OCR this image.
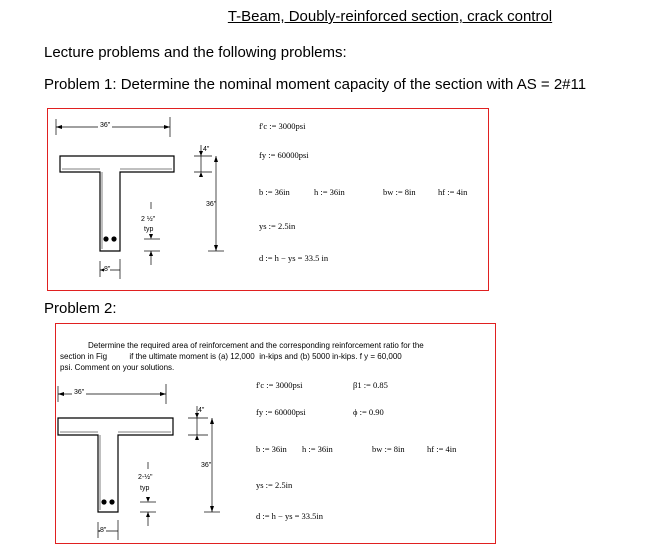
T-Beam, Doubly-reinforced section, crack control
Lecture problems and the following problems:
Problem 1: Determine the nominal moment capacity of the section with AS = 2#11
36"
4"
36"
2 ½"
typ
8"
f'c := 3000psi
fy := 60000psi
b := 36in	h := 36in	bw := 8in	hf := 4in
ys := 2.5in
d := h − ys = 33.5 in
Problem 2:
Determine the required area of reinforcement and the corresponding reinforcement ratio for the
section in Fig          if the ultimate moment is (a) 12,000  in-kips and (b) 5000 in-kips. f y = 60,000
psi. Comment on your solutions.
36"
4"
36"
2-½"
typ
8"
f'c := 3000psi	β1 := 0.85
fy := 60000psi	ϕ := 0.90
b := 36in h := 36in	bw := 8in	hf := 4in
ys := 2.5in
d := h − ys = 33.5in
